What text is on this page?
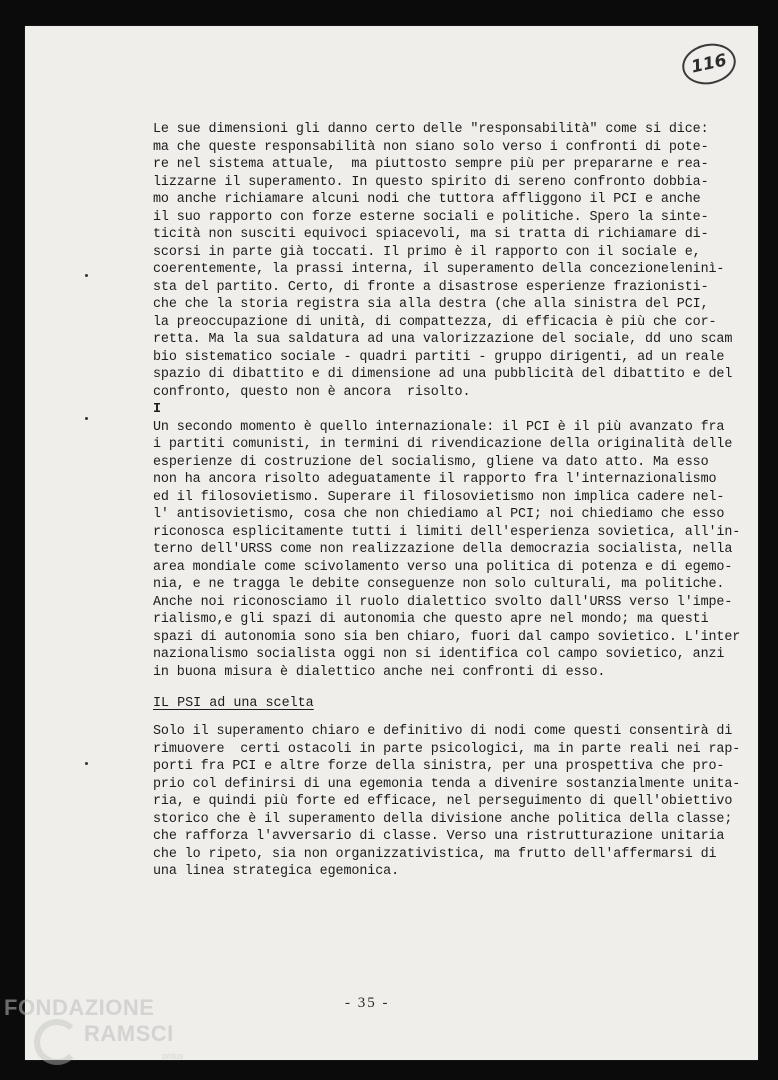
116
Le sue dimensioni gli danno certo delle "responsabilità" come si dice:
ma che queste responsabilità non siano solo verso i confronti di pote-
re nel sistema attuale,  ma piuttosto sempre più per prepararne e rea-
lizzarne il superamento. In questo spirito di sereno confronto dobbia-
mo anche richiamare alcuni nodi che tuttora affliggono il PCI e anche
il suo rapporto con forze esterne sociali e politiche. Spero la sinte-
ticità non susciti equivoci spiacevoli, ma si tratta di richiamare di-
scorsi in parte già toccati. Il primo è il rapporto con il sociale e,
coerentemente, la prassi interna, il superamento della concezioneleninì-
sta del partito. Certo, di fronte a disastrose esperienze frazionisti-
che che la storia registra sia alla destra (che alla sinistra del PCI,
la preoccupazione di unità, di compattezza, di efficacia è più che cor-
retta. Ma la sua saldatura ad una valorizzazione del sociale, dd uno scam
bio sistematico sociale - quadri partiti - gruppo dirigenti, ad un reale
spazio di dibattito e di dimensione ad una pubblicità del dibattito e del
confronto, questo non è ancora  risolto.
I
Un secondo momento è quello internazionale: il PCI è il più avanzato fra
i partiti comunisti, in termini di rivendicazione della originalità delle
esperienze di costruzione del socialismo, gliene va dato atto. Ma esso
non ha ancora risolto adeguatamente il rapporto fra l'internazionalismo
ed il filosovietismo. Superare il filosovietismo non implica cadere nel-
l' antisovietismo, cosa che non chiediamo al PCI; noi chiediamo che esso
riconosca esplicitamente tutti i limiti dell'esperienza sovietica, all'in-
terno dell'URSS come non realizzazione della democrazia socialista, nella
area mondiale come scivolamento verso una politica di potenza e di egemo-
nia, e ne tragga le debite conseguenze non solo culturali, ma politiche.
Anche noi riconosciamo il ruolo dialettico svolto dall'URSS verso l'impe-
rialismo,e gli spazi di autonomia che questo apre nel mondo; ma questi
spazi di autonomia sono sia ben chiaro, fuori dal campo sovietico. L'inter
nazionalismo socialista oggi non si identifica col campo sovietico, anzi
in buona misura è dialettico anche nei confronti di esso.
IL PSI ad una scelta
Solo il superamento chiaro e definitivo di nodi come questi consentirà di
rimuovere  certi ostacoli in parte psicologici, ma in parte reali nei rap-
porti fra PCI e altre forze della sinistra, per una prospettiva che pro-
prio col definirsi di una egemonia tenda a divenire sostanzialmente unita-
ria, e quindi più forte ed efficace, nel perseguimento di quell'obiettivo
storico che è il superamento della divisione anche politica della classe;
che rafforza l'avversario di classe. Verso una ristrutturazione unitaria
che lo ripeto, sia non organizzativistica, ma frutto dell'affermarsi di
una linea strategica egemonica.
- 35 -
FONDAZIONE
RAMSCI
onlus
